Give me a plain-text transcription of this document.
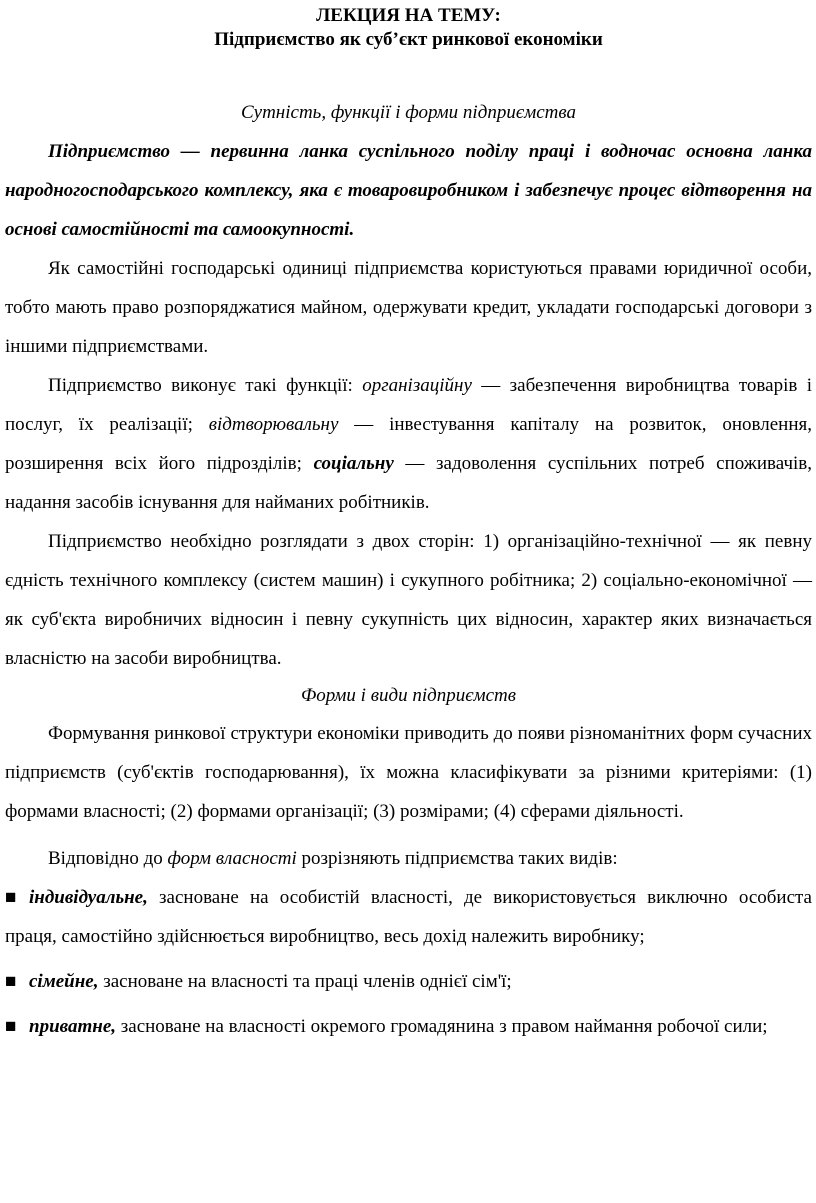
ЛЕКЦИЯ НА ТЕМУ:

Підприємство як суб’єкт ринкової економіки

Сутність, функції і форми підприємства

Підприємство — первинна ланка суспільного поділу праці і водночас основна ланка народногосподарського комплексу, яка є товаровиробником і забезпечує процес відтворення на основі самостійності та самоокупності.

Як самостійні господарські одиниці підприємства користуються правами юридичної особи, тобто мають право розпоряджатися майном, одержувати кредит, укладати господарські договори з іншими підприємствами.

Підприємство виконує такі функції: організаційну — забезпечення виробництва товарів і послуг, їх реалізації; відтворювальну — інвестування капіталу на розвиток, оновлення, розширення всіх його підрозділів; соціальну — задоволення суспільних потреб споживачів, надання засобів існування для найманих робітників.

Підприємство необхідно розглядати з двох сторін: 1) організаційно-технічної — як певну єдність технічного комплексу (систем машин) і сукупного робітника; 2) соціально-економічної — як суб'єкта виробничих відносин і певну сукупність цих відносин, характер яких визначається власністю на засоби виробництва.

Форми і види підприємств

Формування ринкової структури економіки приводить до появи різноманітних форм сучасних підприємств (суб'єктів господарювання), їх можна класифікувати за різними критеріями: (1) формами власності; (2) формами організації; (3) розмірами; (4) сферами діяльності.

Відповідно до форм власності розрізняють підприємства таких видів:

■ індивідуальне, засноване на особистій власності, де використовується виключно особиста праця, самостійно здійснюється виробництво, весь дохід належить виробнику;

■ сімейне, засноване на власності та праці членів однієї сім'ї;

■ приватне, засноване на власності окремого громадянина з правом наймання робочої сили;
